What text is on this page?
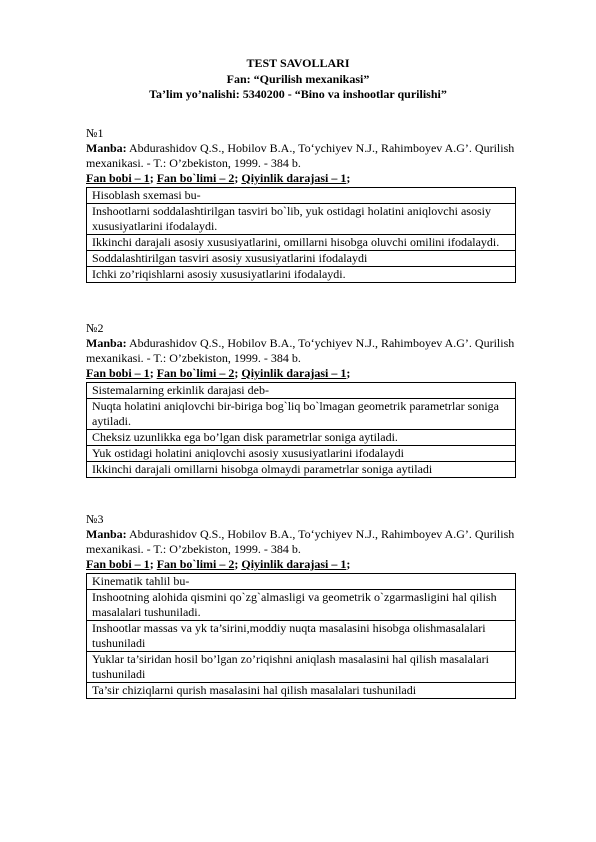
TEST SAVOLLARI
Fan: “Qurilish mexanikasi”
Ta’lim yo’nalishi: 5340200 - “Bino va inshootlar qurilishi”
№1
Manba: Abdurashidov Q.S., Hobilov B.A., Toʻychiyev N.J., Rahimboyev A.G’. Qurilish mexanikasi. - T.: O’zbekiston, 1999. - 384 b.
Fan bobi – 1; Fan bo`limi – 2; Qiyinlik darajasi – 1;
Hisoblash sxemasi bu-
Inshootlarni soddalashtirilgan tasviri bo`lib, yuk ostidagi holatini aniqlovchi asosiy xususiyatlarini ifodalaydi.
Ikkinchi darajali asosiy xususiyatlarini, omillarni hisobga oluvchi omilini ifodalaydi.
Soddalashtirilgan tasviri asosiy xususiyatlarini ifodalaydi
Ichki zo’riqishlarni asosiy xususiyatlarini ifodalaydi.
№2
Manba: Abdurashidov Q.S., Hobilov B.A., Toʻychiyev N.J., Rahimboyev A.G’. Qurilish mexanikasi. - T.: O’zbekiston, 1999. - 384 b.
Fan bobi – 1; Fan bo`limi – 2; Qiyinlik darajasi – 1;
Sistemalarning erkinlik darajasi deb-
Nuqta holatini aniqlovchi bir-biriga bog`liq bo`lmagan geometrik parametrlar soniga aytiladi.
Cheksiz uzunlikka ega bo’lgan disk parametrlar soniga aytiladi.
Yuk ostidagi holatini aniqlovchi asosiy xususiyatlarini ifodalaydi
Ikkinchi darajali omillarni hisobga olmaydi parametrlar soniga aytiladi
№3
Manba: Abdurashidov Q.S., Hobilov B.A., Toʻychiyev N.J., Rahimboyev A.G’. Qurilish mexanikasi. - T.: O’zbekiston, 1999. - 384 b.
Fan bobi – 1; Fan bo`limi – 2; Qiyinlik darajasi – 1;
Kinematik tahlil bu-
Inshootning alohida qismini qo`zg`almasligi va geometrik o`zgarmasligini hal qilish masalalari tushuniladi.
Inshootlar massas va yk ta’sirini,moddiy nuqta masalasini hisobga olishmasalalari tushuniladi
Yuklar ta’siridan hosil bo’lgan zo’riqishni aniqlash masalasini hal qilish masalalari tushuniladi
Ta’sir chiziqlarni qurish masalasini hal qilish masalalari tushuniladi
